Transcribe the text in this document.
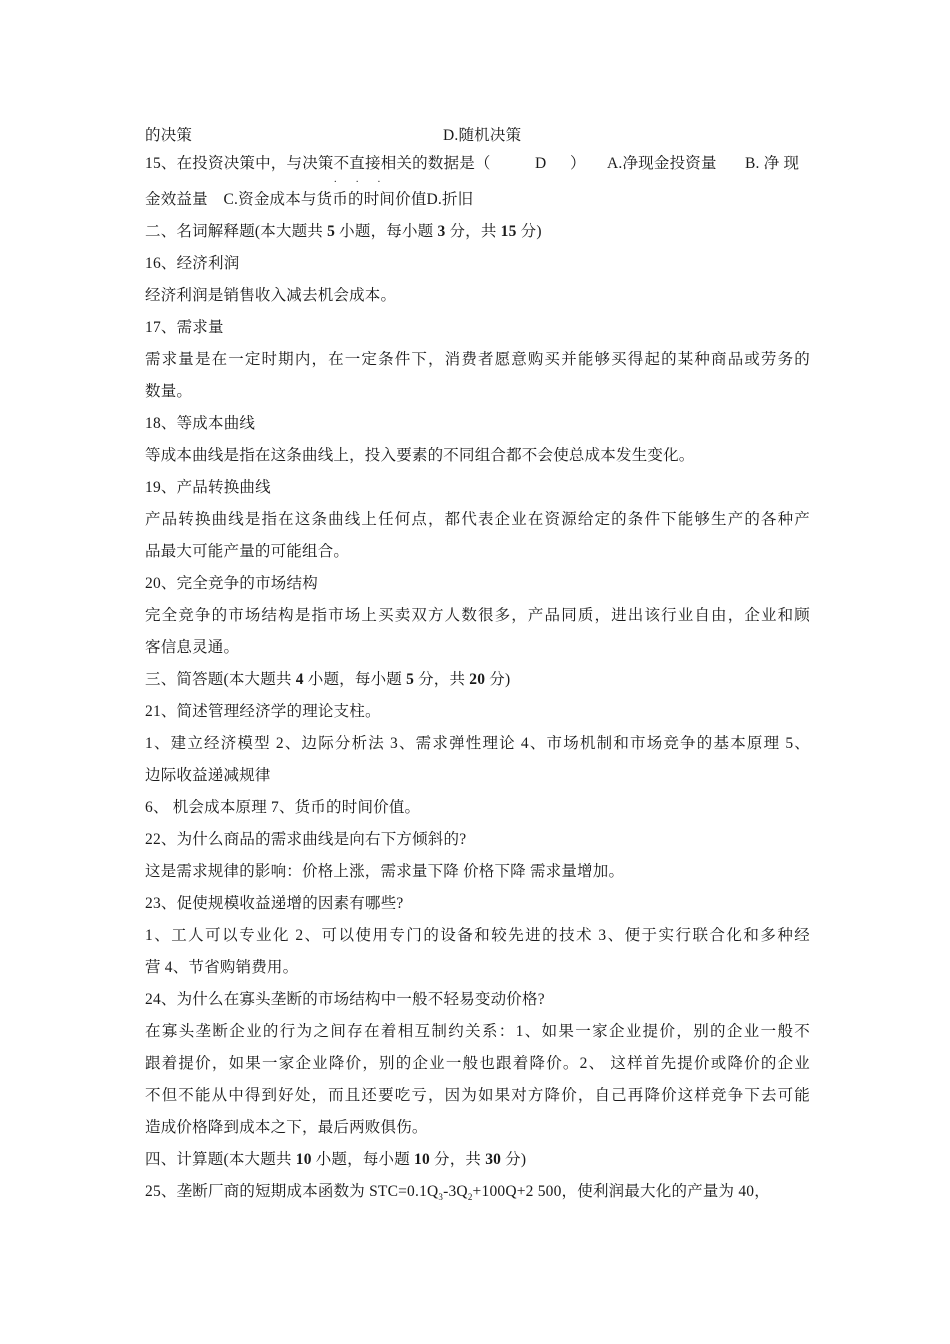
的决策	D.随机决策
15、在投资决策中，与决策不直接
· · ·
相关的数据是（	D ） A.净现金投资量 B. 净 现
金效益量　C.资金成本与货币的时间价值D.折旧
二、名词解释题(本大题共 5 小题，每小题 3 分，共 15 分)
16、经济利润
经济利润是销售收入减去机会成本。
17、需求量
需求量是在一定时期内，在一定条件下，消费者愿意购买并能够买得起的某种商品或劳务的
数量。
18、等成本曲线
等成本曲线是指在这条曲线上，投入要素的不同组合都不会使总成本发生变化。
19、产品转换曲线
产品转换曲线是指在这条曲线上任何点，都代表企业在资源给定的条件下能够生产的各种产
品最大可能产量的可能组合。
20、完全竞争的市场结构
完全竞争的市场结构是指市场上买卖双方人数很多，产品同质，进出该行业自由，企业和顾
客信息灵通。
三、简答题(本大题共 4 小题，每小题 5 分，共 20 分)
21、简述管理经济学的理论支柱。
1、建立经济模型 2、边际分析法 3、需求弹性理论 4、市场机制和市场竞争的基本原理 5、
边际收益递减规律
6、 机会成本原理 7、货币的时间价值。
22、为什么商品的需求曲线是向右下方倾斜的?
这是需求规律的影响：价格上涨，需求量下降 价格下降 需求量增加。
23、促使规模收益递增的因素有哪些?
1、工人可以专业化 2、可以使用专门的设备和较先进的技术 3、便于实行联合化和多种经
营 4、节省购销费用。
24、为什么在寡头垄断的市场结构中一般不轻易变动价格?
在寡头垄断企业的行为之间存在着相互制约关系：1、如果一家企业提价，别的企业一般不
跟着提价，如果一家企业降价，别的企业一般也跟着降价。2、 这样首先提价或降价的企业
不但不能从中得到好处，而且还要吃亏，因为如果对方降价，自己再降价这样竞争下去可能
造成价格降到成本之下，最后两败俱伤。
四、计算题(本大题共 10 小题，每小题 10 分，共 30 分)
25、垄断厂商的短期成本函数为 $STC=0.1Q_3-3Q_2+100Q+2$ 500，使利润最大化的产量为 40，
